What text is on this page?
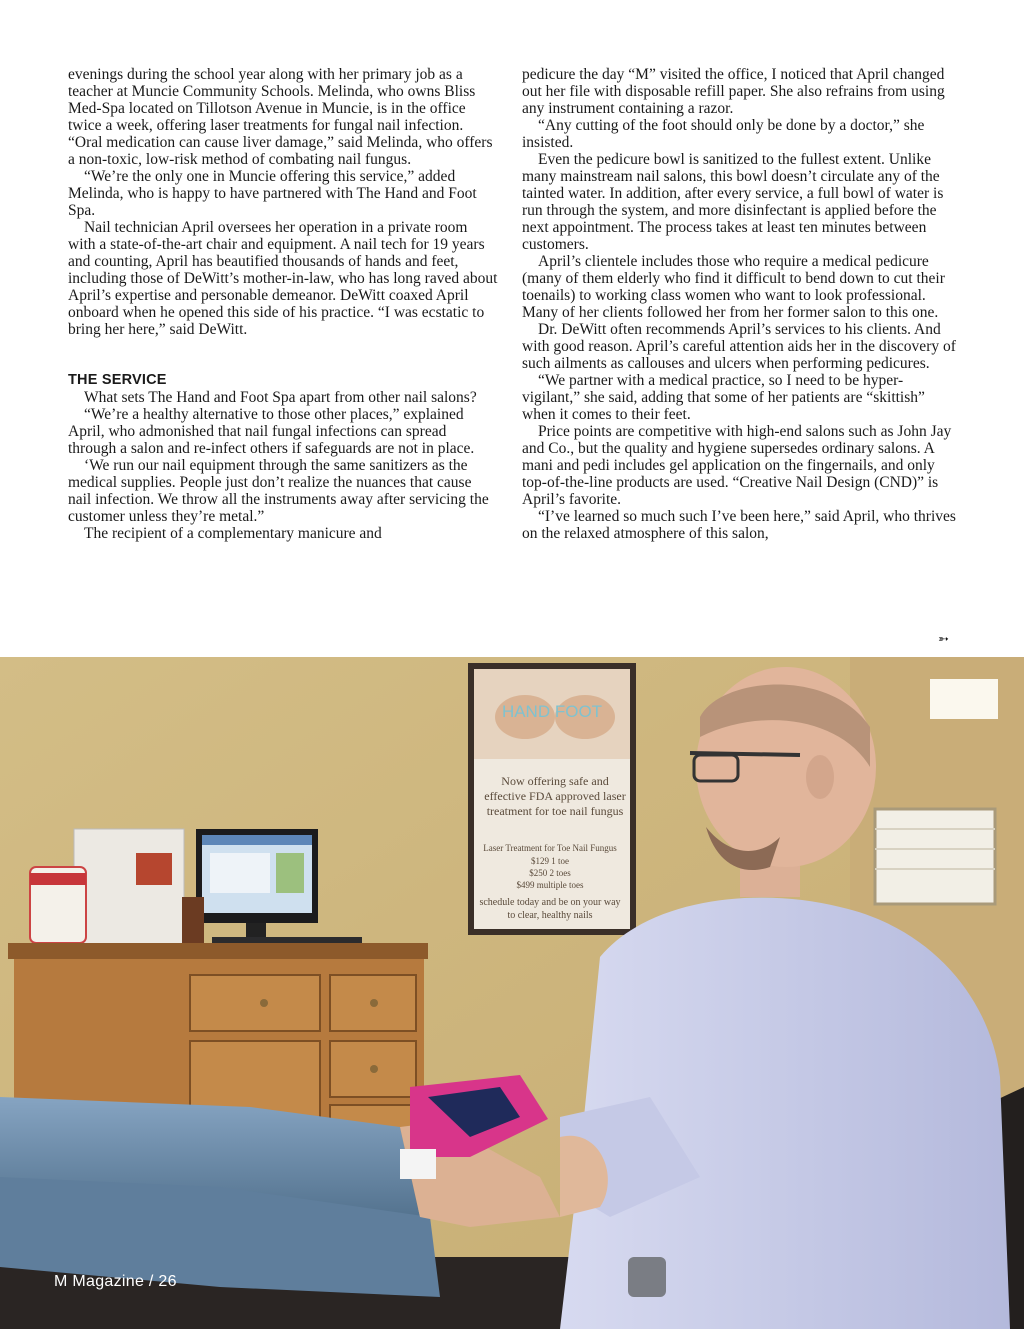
evenings during the school year along with her primary job as a teacher at Muncie Community Schools. Melinda, who owns Bliss Med-Spa located on Tillotson Avenue in Muncie, is in the office twice a week, offering laser treatments for fungal nail infection. “Oral medication can cause liver damage,” said Melinda, who offers a non-toxic, low-risk method of combating nail fungus.

“We’re the only one in Muncie offering this service,” added Melinda, who is happy to have partnered with The Hand and Foot Spa.

Nail technician April oversees her operation in a private room with a state-of-the-art chair and equipment. A nail tech for 19 years and counting, April has beautified thousands of hands and feet, including those of DeWitt’s mother-in-law, who has long raved about April’s expertise and personable demeanor. DeWitt coaxed April onboard when he opened this side of his practice. “I was ecstatic to bring her here,” said DeWitt.

THE SERVICE

What sets The Hand and Foot Spa apart from other nail salons?

“We’re a healthy alternative to those other places,” explained April, who admonished that nail fungal infections can spread through a salon and re-infect others if safeguards are not in place.

‘We run our nail equipment through the same sanitizers as the medical supplies. People just don’t realize the nuances that cause nail infection. We throw all the instruments away after servicing the customer unless they’re metal.”

The recipient of a complementary manicure and

pedicure the day “M” visited the office, I noticed that April changed out her file with disposable refill paper. She also refrains from using any instrument containing a razor.

“Any cutting of the foot should only be done by a doctor,” she insisted.

Even the pedicure bowl is sanitized to the fullest extent. Unlike many mainstream nail salons, this bowl doesn’t circulate any of the tainted water. In addition, after every service, a full bowl of water is run through the system, and more disinfectant is applied before the next appointment. The process takes at least ten minutes between customers.

April’s clientele includes those who require a medical pedicure (many of them elderly who find it difficult to bend down to cut their toenails) to working class women who want to look professional. Many of her clients followed her from her former salon to this one.

Dr. DeWitt often recommends April’s services to his clients. And with good reason. April’s careful attention aids her in the discovery of such ailments as callouses and ulcers when performing pedicures.

“We partner with a medical practice, so I need to be hyper-vigilant,” she said, adding that some of her patients are “skittish” when it comes to their feet.

Price points are competitive with high-end salons such as John Jay and Co., but the quality and hygiene supersedes ordinary salons. A mani and pedi includes gel application on the fingernails, and only top-of-the-line products are used. “Creative Nail Design (CND)” is April’s favorite.

“I’ve learned so much such I’ve been here,” said April, who thrives on the relaxed atmosphere of this salon,

➳
HAND FOOT
Now offering safe and
effective FDA approved laser
treatment for toe nail fungus
Laser Treatment for Toe Nail Fungus
$129 1 toe
$250 2 toes
$499 multiple toes
schedule today and be on your way
to clear, healthy nails
M Magazine / 26
